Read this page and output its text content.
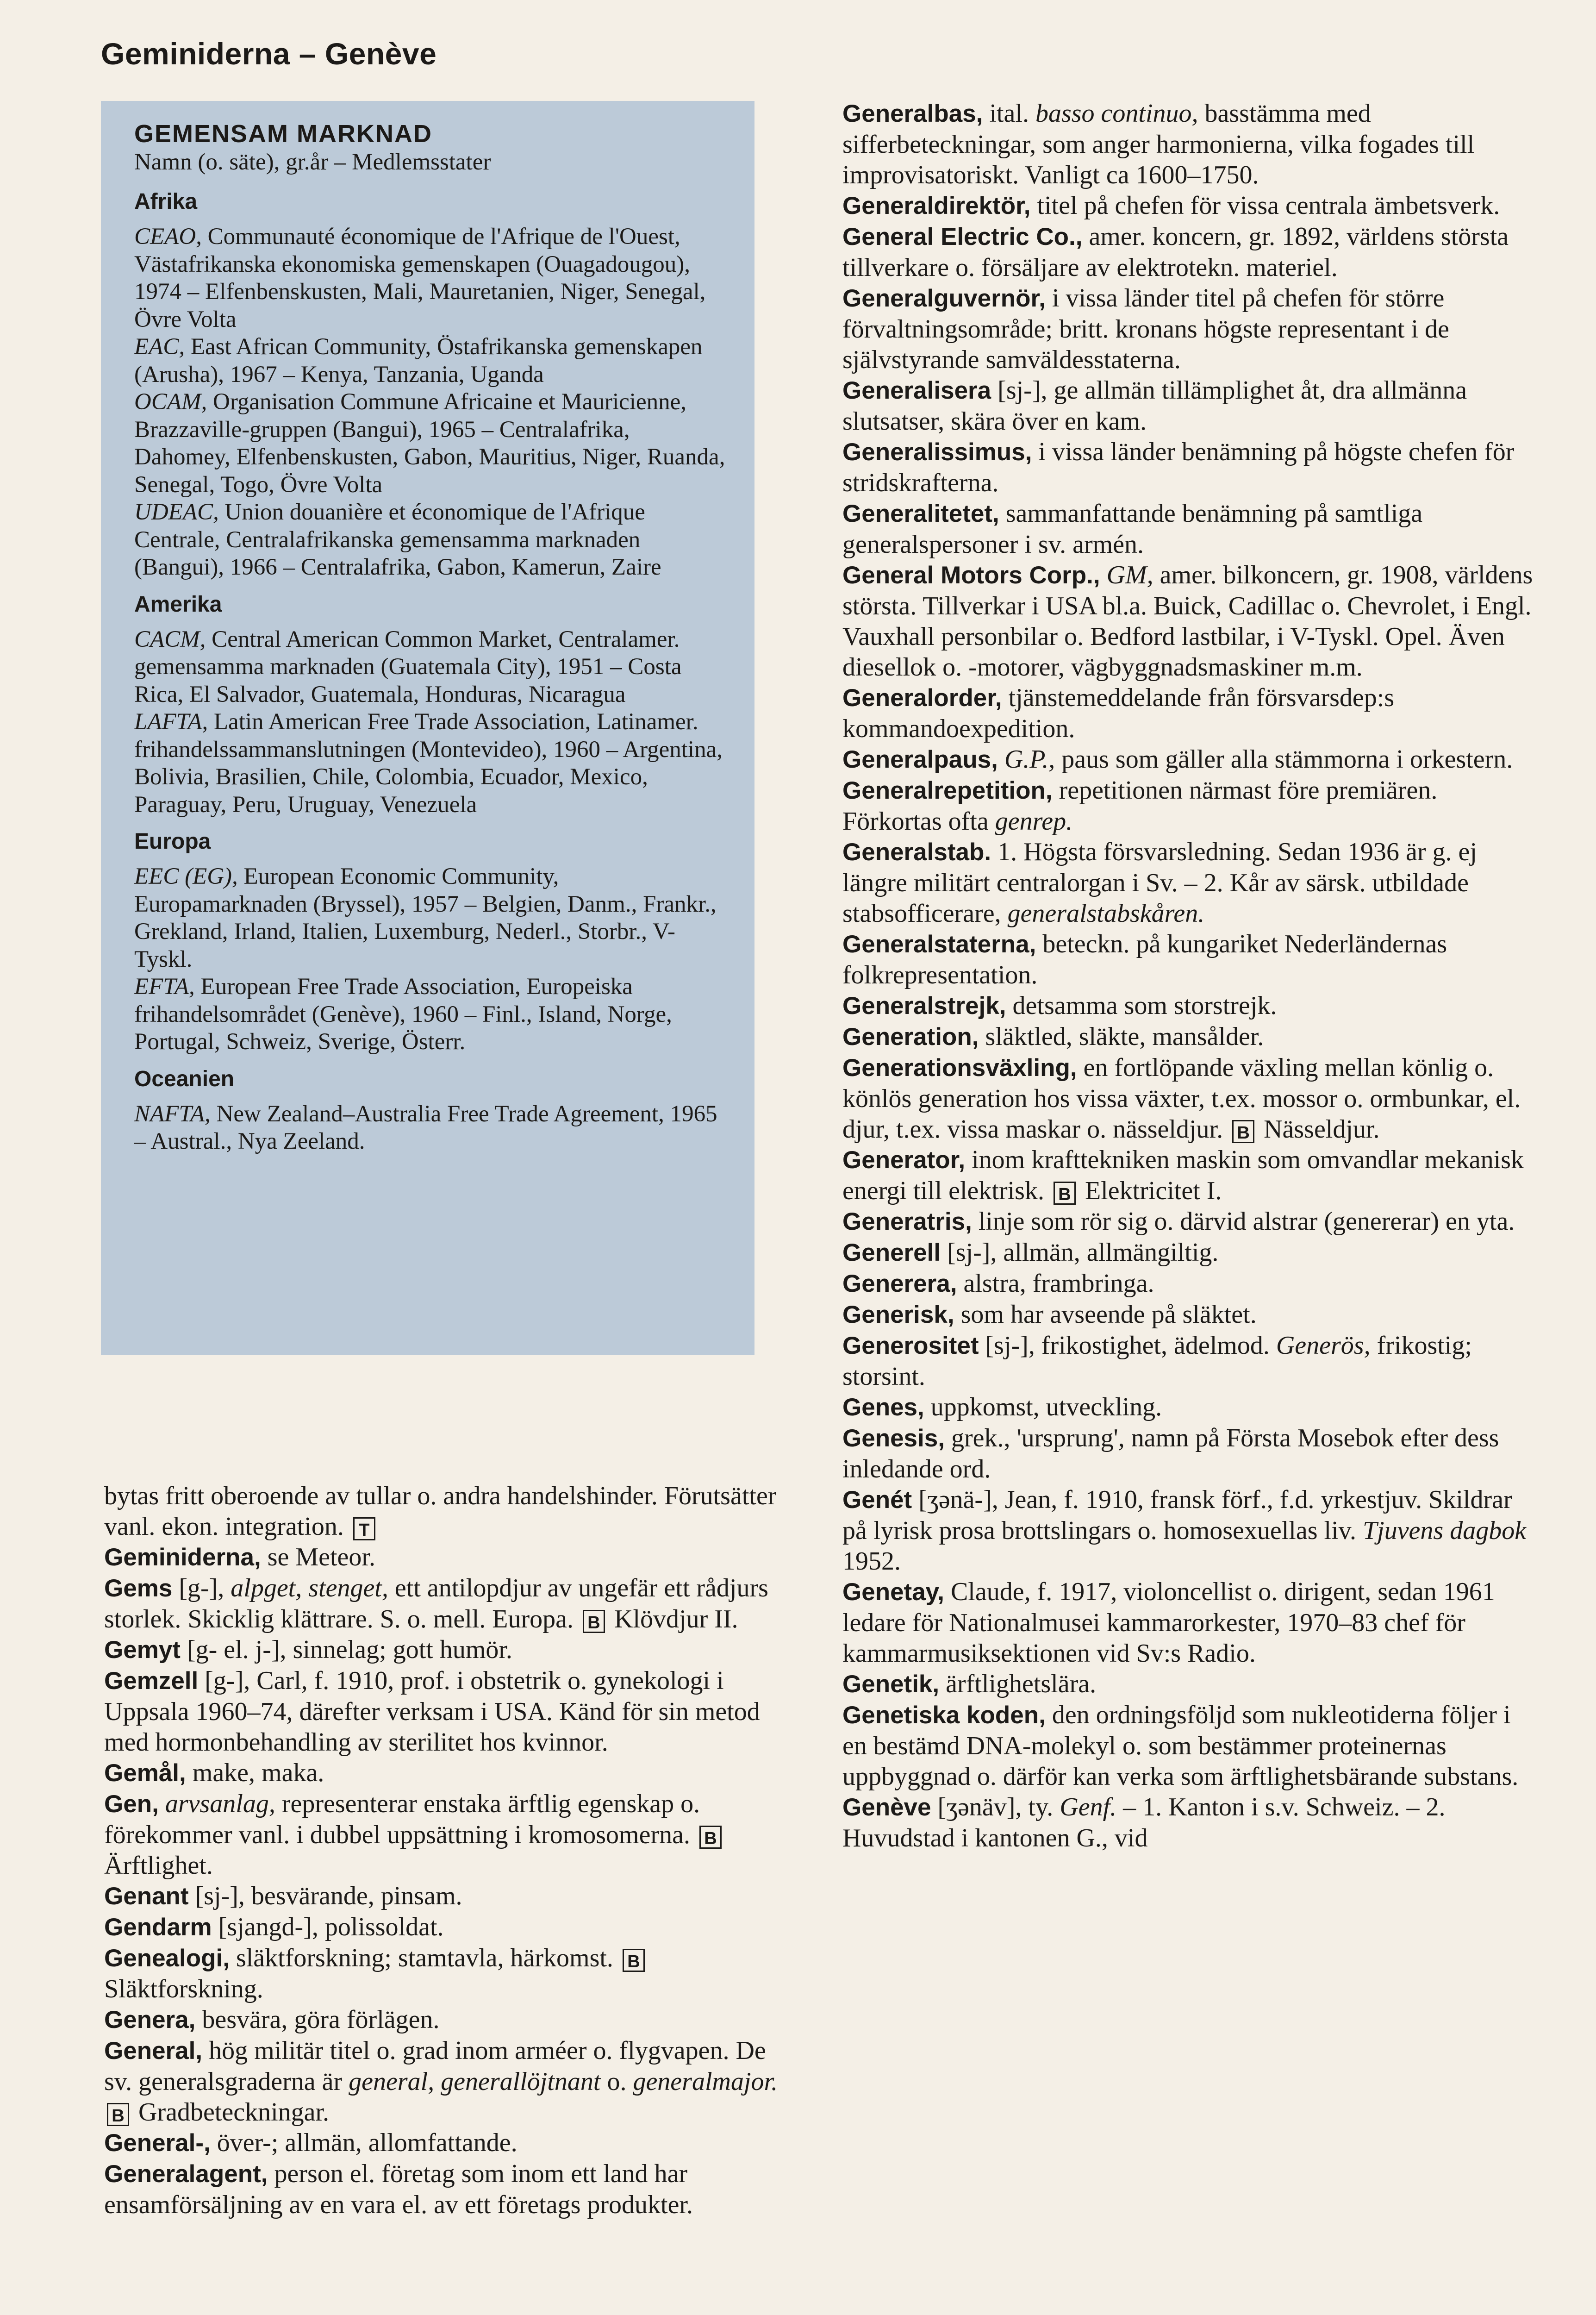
Geminiderna – Genève
GEMENSAM MARKNAD
Namn (o. säte), gr.år – Medlemsstater
Afrika
CEAO, Communauté économique de l'Afrique de l'Ouest, Västafrikanska ekonomiska gemenskapen (Ouagadougou), 1974 – Elfenbenskusten, Mali, Mauretanien, Niger, Senegal, Övre Volta
EAC, East African Community, Östafrikanska gemenskapen (Arusha), 1967 – Kenya, Tanzania, Uganda
OCAM, Organisation Commune Africaine et Mauricienne, Brazzaville-gruppen (Bangui), 1965 – Centralafrika, Dahomey, Elfenbenskusten, Gabon, Mauritius, Niger, Ruanda, Senegal, Togo, Övre Volta
UDEAC, Union douanière et économique de l'Afrique Centrale, Centralafrikanska gemensamma marknaden (Bangui), 1966 – Centralafrika, Gabon, Kamerun, Zaire
Amerika
CACM, Central American Common Market, Centralamer. gemensamma marknaden (Guatemala City), 1951 – Costa Rica, El Salvador, Guatemala, Honduras, Nicaragua
LAFTA, Latin American Free Trade Association, Latinamer. frihandelssammanslutningen (Montevideo), 1960 – Argentina, Bolivia, Brasilien, Chile, Colombia, Ecuador, Mexico, Paraguay, Peru, Uruguay, Venezuela
Europa
EEC (EG), European Economic Community, Europamarknaden (Bryssel), 1957 – Belgien, Danm., Frankr., Grekland, Irland, Italien, Luxemburg, Nederl., Storbr., V-Tyskl.
EFTA, European Free Trade Association, Europeiska frihandelsområdet (Genève), 1960 – Finl., Island, Norge, Portugal, Schweiz, Sverige, Österr.
Oceanien
NAFTA, New Zealand–Australia Free Trade Agreement, 1965 – Austral., Nya Zeeland.
bytas fritt oberoende av tullar o. andra handelshinder. Förutsätter vanl. ekon. integration. T
Geminiderna, se Meteor.
Gems [g-], alpget, stenget, ett antilopdjur av ungefär ett rådjurs storlek. Skicklig klättrare. S. o. mell. Europa. B Klövdjur II.
Gemyt [g- el. j-], sinnelag; gott humör.
Gemzell [g-], Carl, f. 1910, prof. i obstetrik o. gynekologi i Uppsala 1960–74, därefter verksam i USA. Känd för sin metod med hormonbehandling av sterilitet hos kvinnor.
Gemål, make, maka.
Gen, arvsanlag, representerar enstaka ärftlig egenskap o. förekommer vanl. i dubbel uppsättning i kromosomerna. B Ärftlighet.
Genant [sj-], besvärande, pinsam.
Gendarm [sjangd-], polissoldat.
Genealogi, släktforskning; stamtavla, härkomst. B Släktforskning.
Genera, besvära, göra förlägen.
General, hög militär titel o. grad inom arméer o. flygvapen. De sv. generalsgraderna är general, generallöjtnant o. generalmajor. B Gradbeteckningar.
General-, över-; allmän, allomfattande.
Generalagent, person el. företag som inom ett land har ensamförsäljning av en vara el. av ett företags produkter.
Generalbas, ital. basso continuo, basstämma med sifferbeteckningar, som anger harmonierna, vilka fogades till improvisatoriskt. Vanligt ca 1600–1750.
Generaldirektör, titel på chefen för vissa centrala ämbetsverk.
General Electric Co., amer. koncern, gr. 1892, världens största tillverkare o. försäljare av elektrotekn. materiel.
Generalguvernör, i vissa länder titel på chefen för större förvaltningsområde; britt. kronans högste representant i de självstyrande samväldesstaterna.
Generalisera [sj-], ge allmän tillämplighet åt, dra allmänna slutsatser, skära över en kam.
Generalissimus, i vissa länder benämning på högste chefen för stridskrafterna.
Generalitetet, sammanfattande benämning på samtliga generalspersoner i sv. armén.
General Motors Corp., GM, amer. bilkoncern, gr. 1908, världens största. Tillverkar i USA bl.a. Buick, Cadillac o. Chevrolet, i Engl. Vauxhall personbilar o. Bedford lastbilar, i V-Tyskl. Opel. Även diesellok o. -motorer, vägbyggnadsmaskiner m.m.
Generalorder, tjänstemeddelande från försvarsdep:s kommandoexpedition.
Generalpaus, G.P., paus som gäller alla stämmorna i orkestern.
Generalrepetition, repetitionen närmast före premiären. Förkortas ofta genrep.
Generalstab. 1. Högsta försvarsledning. Sedan 1936 är g. ej längre militärt centralorgan i Sv. – 2. Kår av särsk. utbildade stabsofficerare, generalstabskåren.
Generalstaterna, beteckn. på kungariket Nederländernas folkrepresentation.
Generalstrejk, detsamma som storstrejk.
Generation, släktled, släkte, mansålder.
Generationsväxling, en fortlöpande växling mellan könlig o. könlös generation hos vissa växter, t.ex. mossor o. ormbunkar, el. djur, t.ex. vissa maskar o. nässeldjur. B Nässeldjur.
Generator, inom krafttekniken maskin som omvandlar mekanisk energi till elektrisk. B Elektricitet I.
Generatris, linje som rör sig o. därvid alstrar (genererar) en yta.
Generell [sj-], allmän, allmängiltig.
Generera, alstra, frambringa.
Generisk, som har avseende på släktet.
Generositet [sj-], frikostighet, ädelmod. Generös, frikostig; storsint.
Genes, uppkomst, utveckling.
Genesis, grek., 'ursprung', namn på Första Mosebok efter dess inledande ord.
Genét [ʒənä-], Jean, f. 1910, fransk förf., f.d. yrkestjuv. Skildrar på lyrisk prosa brottslingars o. homosexuellas liv. Tjuvens dagbok 1952.
Genetay, Claude, f. 1917, violoncellist o. dirigent, sedan 1961 ledare för Nationalmusei kammarorkester, 1970–83 chef för kammarmusiksektionen vid Sv:s Radio.
Genetik, ärftlighetslära.
Genetiska koden, den ordningsföljd som nukleotiderna följer i en bestämd DNA-molekyl o. som bestämmer proteinernas uppbyggnad o. därför kan verka som ärftlighetsbärande substans.
Genève [ʒənäv], ty. Genf. – 1. Kanton i s.v. Schweiz. – 2. Huvudstad i kantonen G., vid
